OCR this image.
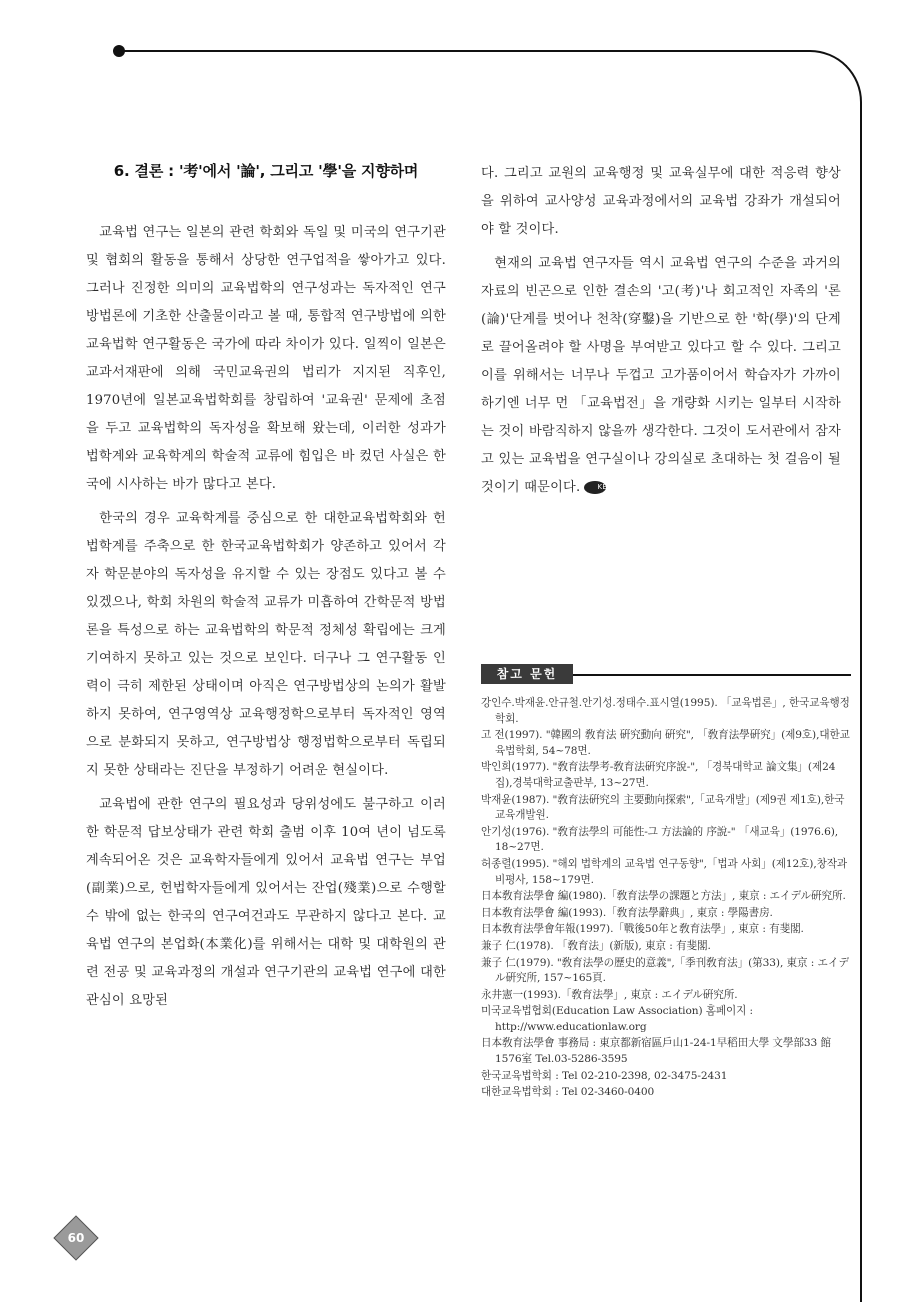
6. 결론 : '考'에서 '論', 그리고 '學'을 지향하며

교육법 연구는 일본의 관련 학회와 독일 및 미국의 연구기관 및 협회의 활동을 통해서 상당한 연구업적을 쌓아가고 있다. 그러나 진정한 의미의 교육법학의 연구성과는 독자적인 연구방법론에 기초한 산출물이라고 볼 때, 통합적 연구방법에 의한 교육법학 연구활동은 국가에 따라 차이가 있다. 일찍이 일본은 교과서재판에 의해 국민교육권의 법리가 지지된 직후인, 1970년에 일본교육법학회를 창립하여 '교육권' 문제에 초점을 두고 교육법학의 독자성을 확보해 왔는데, 이러한 성과가 법학계와 교육학계의 학술적 교류에 힘입은 바 컸던 사실은 한국에 시사하는 바가 많다고 본다.

한국의 경우 교육학계를 중심으로 한 대한교육법학회와 헌법학계를 주축으로 한 한국교육법학회가 양존하고 있어서 각자 학문분야의 독자성을 유지할 수 있는 장점도 있다고 볼 수 있겠으나, 학회 차원의 학술적 교류가 미흡하여 간학문적 방법론을 특성으로 하는 교육법학의 학문적 정체성 확립에는 크게 기여하지 못하고 있는 것으로 보인다. 더구나 그 연구활동 인력이 극히 제한된 상태이며 아직은 연구방법상의 논의가 활발하지 못하여, 연구영역상 교육행정학으로부터 독자적인 영역으로 분화되지 못하고, 연구방법상 행정법학으로부터 독립되지 못한 상태라는 진단을 부정하기 어려운 현실이다.

교육법에 관한 연구의 필요성과 당위성에도 불구하고 이러한 학문적 답보상태가 관련 학회 출범 이후 10여 년이 넘도록 계속되어온 것은 교육학자들에게 있어서 교육법 연구는 부업(副業)으로, 헌법학자들에게 있어서는 잔업(殘業)으로 수행할 수 밖에 없는 한국의 연구여건과도 무관하지 않다고 본다. 교육법 연구의 본업화(本業化)를 위해서는 대학 및 대학원의 관련 전공 및 교육과정의 개설과 연구기관의 교육법 연구에 대한 관심이 요망된

다. 그리고 교원의 교육행정 및 교육실무에 대한 적응력 향상을 위하여 교사양성 교육과정에서의 교육법 강좌가 개설되어야 할 것이다.

현재의 교육법 연구자들 역시 교육법 연구의 수준을 과거의 자료의 빈곤으로 인한 결손의 '고(考)'나 회고적인 자족의 '론(論)'단계를 벗어나 천착(穿鑿)을 기반으로 한 '학(學)'의 단계로 끌어올려야 할 사명을 부여받고 있다고 할 수 있다. 그리고 이를 위해서는 너무나 두껍고 고가품이어서 학습자가 가까이 하기엔 너무 먼 「교육법전」을 개량화 시키는 일부터 시작하는 것이 바람직하지 않을까 생각한다. 그것이 도서관에서 잠자고 있는 교육법을 연구실이나 강의실로 초대하는 첫 걸음이 될 것이기 때문이다. KEDI

참고 문헌
강인수.박재윤.안규철.안기성.정태수.표시열(1995). 「교육법론」, 한국교육행정학회.
고 전(1997). "韓國의 敎育法 硏究動向 硏究", 「敎育法學硏究」(제9호),대한교육법학회, 54~78면.
박인희(1977). "敎育法學考-敎育法硏究序說-", 「경북대학교 論文集」(제24집),경북대학교출판부, 13~27면.
박재윤(1987). "敎育法硏究의 主要動向探索",「교육개발」(제9권 제1호),한국교육개발원.
안기성(1976). "敎育法學의 可能性-그 方法論的 序說-" 「새교육」(1976.6), 18~27면.
허종렬(1995). "해외 법학계의 교육법 연구동향",「법과 사회」(제12호),창작과 비평사, 158~179면.
日本敎育法學會 編(1980).「敎育法學の課題と方法」, 東京 : エイデル硏究所.
日本敎育法學會 編(1993).「敎育法學辭典」, 東京 : 學陽書房.
日本敎育法學會年報(1997).「戰後50年と敎育法學」, 東京 : 有斐閣.
兼子 仁(1978). 「敎育法」(新版), 東京 : 有斐閣.
兼子 仁(1979). "敎育法學の歷史的意義",「季刊敎育法」(第33), 東京 : エイデル硏究所, 157~165頁.
永井憲一(1993).「敎育法學」, 東京 : エイデル硏究所.
미국교육법협회(Education Law Association) 홈페이지 : http://www.educationlaw.org
日本敎育法學會 事務局 : 東京都新宿區戶山1-24-1早稻田大學 文學部33 館1576室 Tel.03-5286-3595
한국교육법학회 : Tel 02-210-2398, 02-3475-2431
대한교육법학회 : Tel 02-3460-0400
60
